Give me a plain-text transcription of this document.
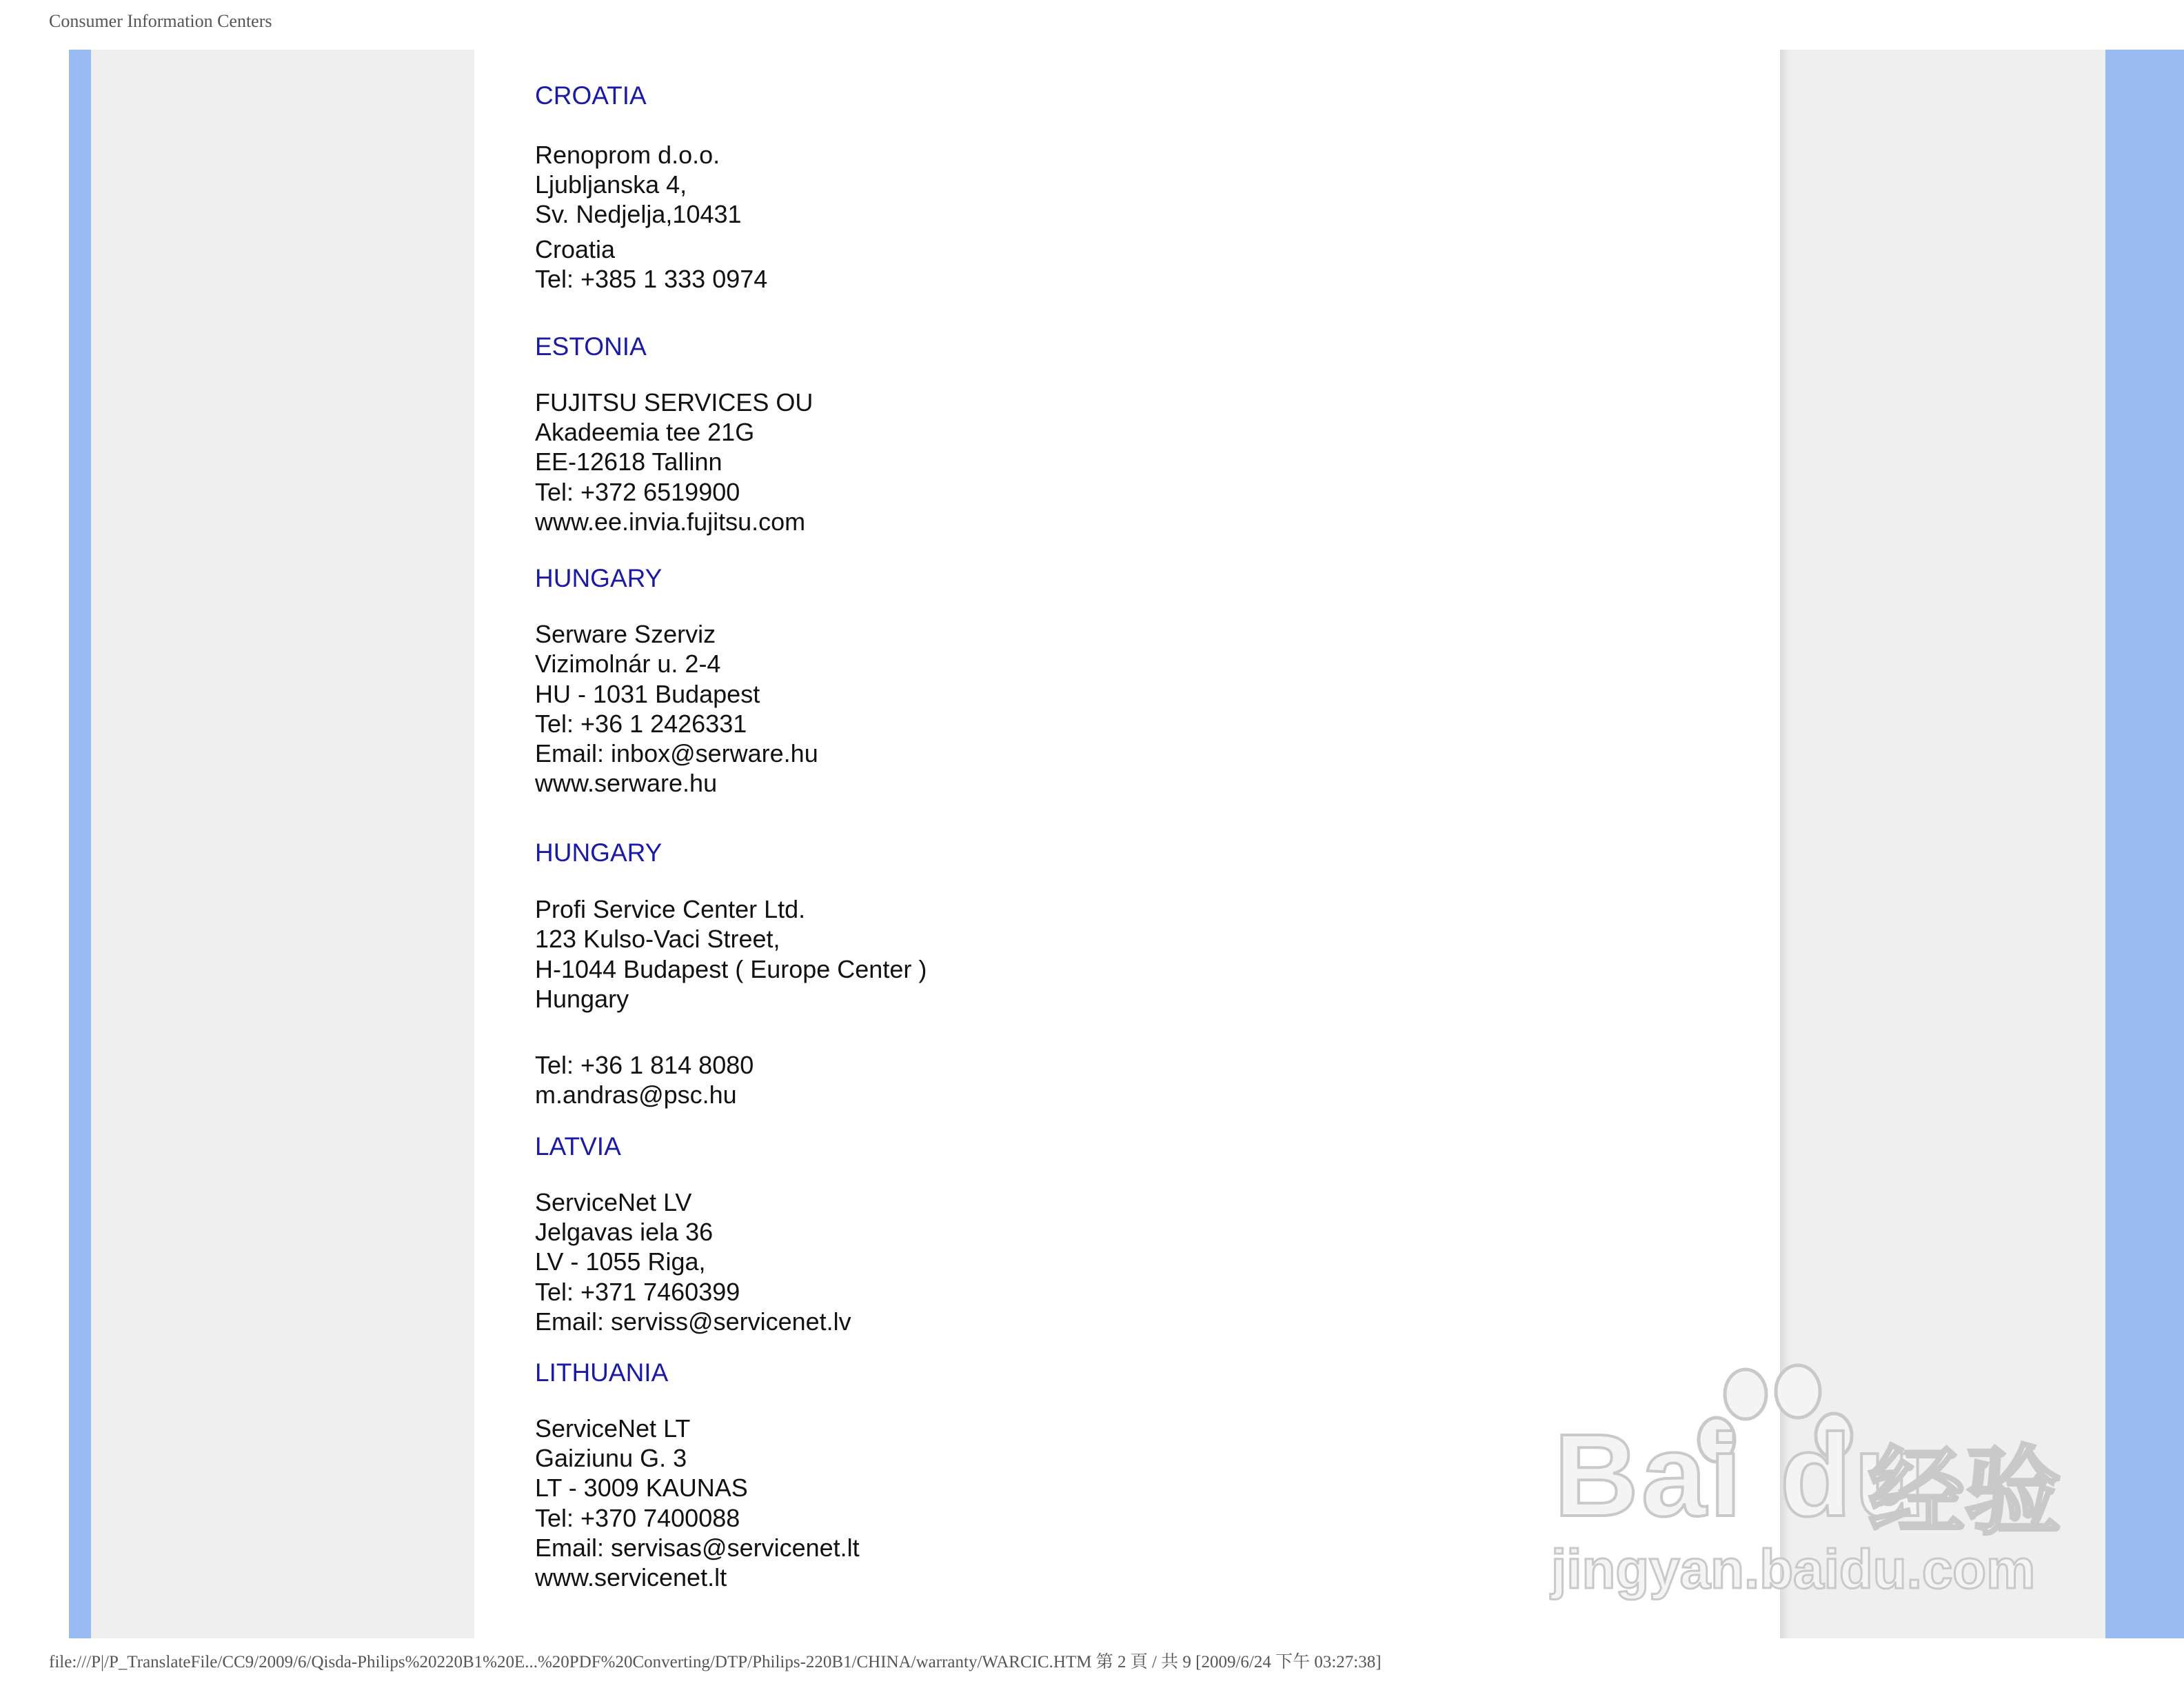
Consumer Information Centers
CROATIA
Renoprom d.o.o.
Ljubljanska 4,
Sv. Nedjelja,10431
Croatia
Tel: +385 1 333 0974
ESTONIA
FUJITSU SERVICES OU
Akadeemia tee 21G
EE-12618 Tallinn
Tel: +372 6519900
www.ee.invia.fujitsu.com
HUNGARY
Serware Szerviz
Vizimolnár u. 2-4
HU - 1031 Budapest
Tel: +36 1 2426331
Email: inbox@serware.hu
www.serware.hu
HUNGARY
Profi Service Center Ltd.
123 Kulso-Vaci Street,
H-1044 Budapest ( Europe Center )
Hungary
Tel: +36 1 814 8080
m.andras@psc.hu
LATVIA
ServiceNet LV
Jelgavas iela 36
LV - 1055 Riga,
Tel: +371 7460399
Email: serviss@servicenet.lv
LITHUANIA
ServiceNet LT
Gaiziunu G. 3
LT - 3009 KAUNAS
Tel: +370 7400088
Email: servisas@servicenet.lt
www.servicenet.lt
Bai du
经验
jingyan.baidu.com
file:///P|/P_TranslateFile/CC9/2009/6/Qisda-Philips%20220B1%20E...%20PDF%20Converting/DTP/Philips-220B1/CHINA/warranty/WARCIC.HTM 第 2 頁 / 共 9 [2009/6/24 下午 03:27:38]
